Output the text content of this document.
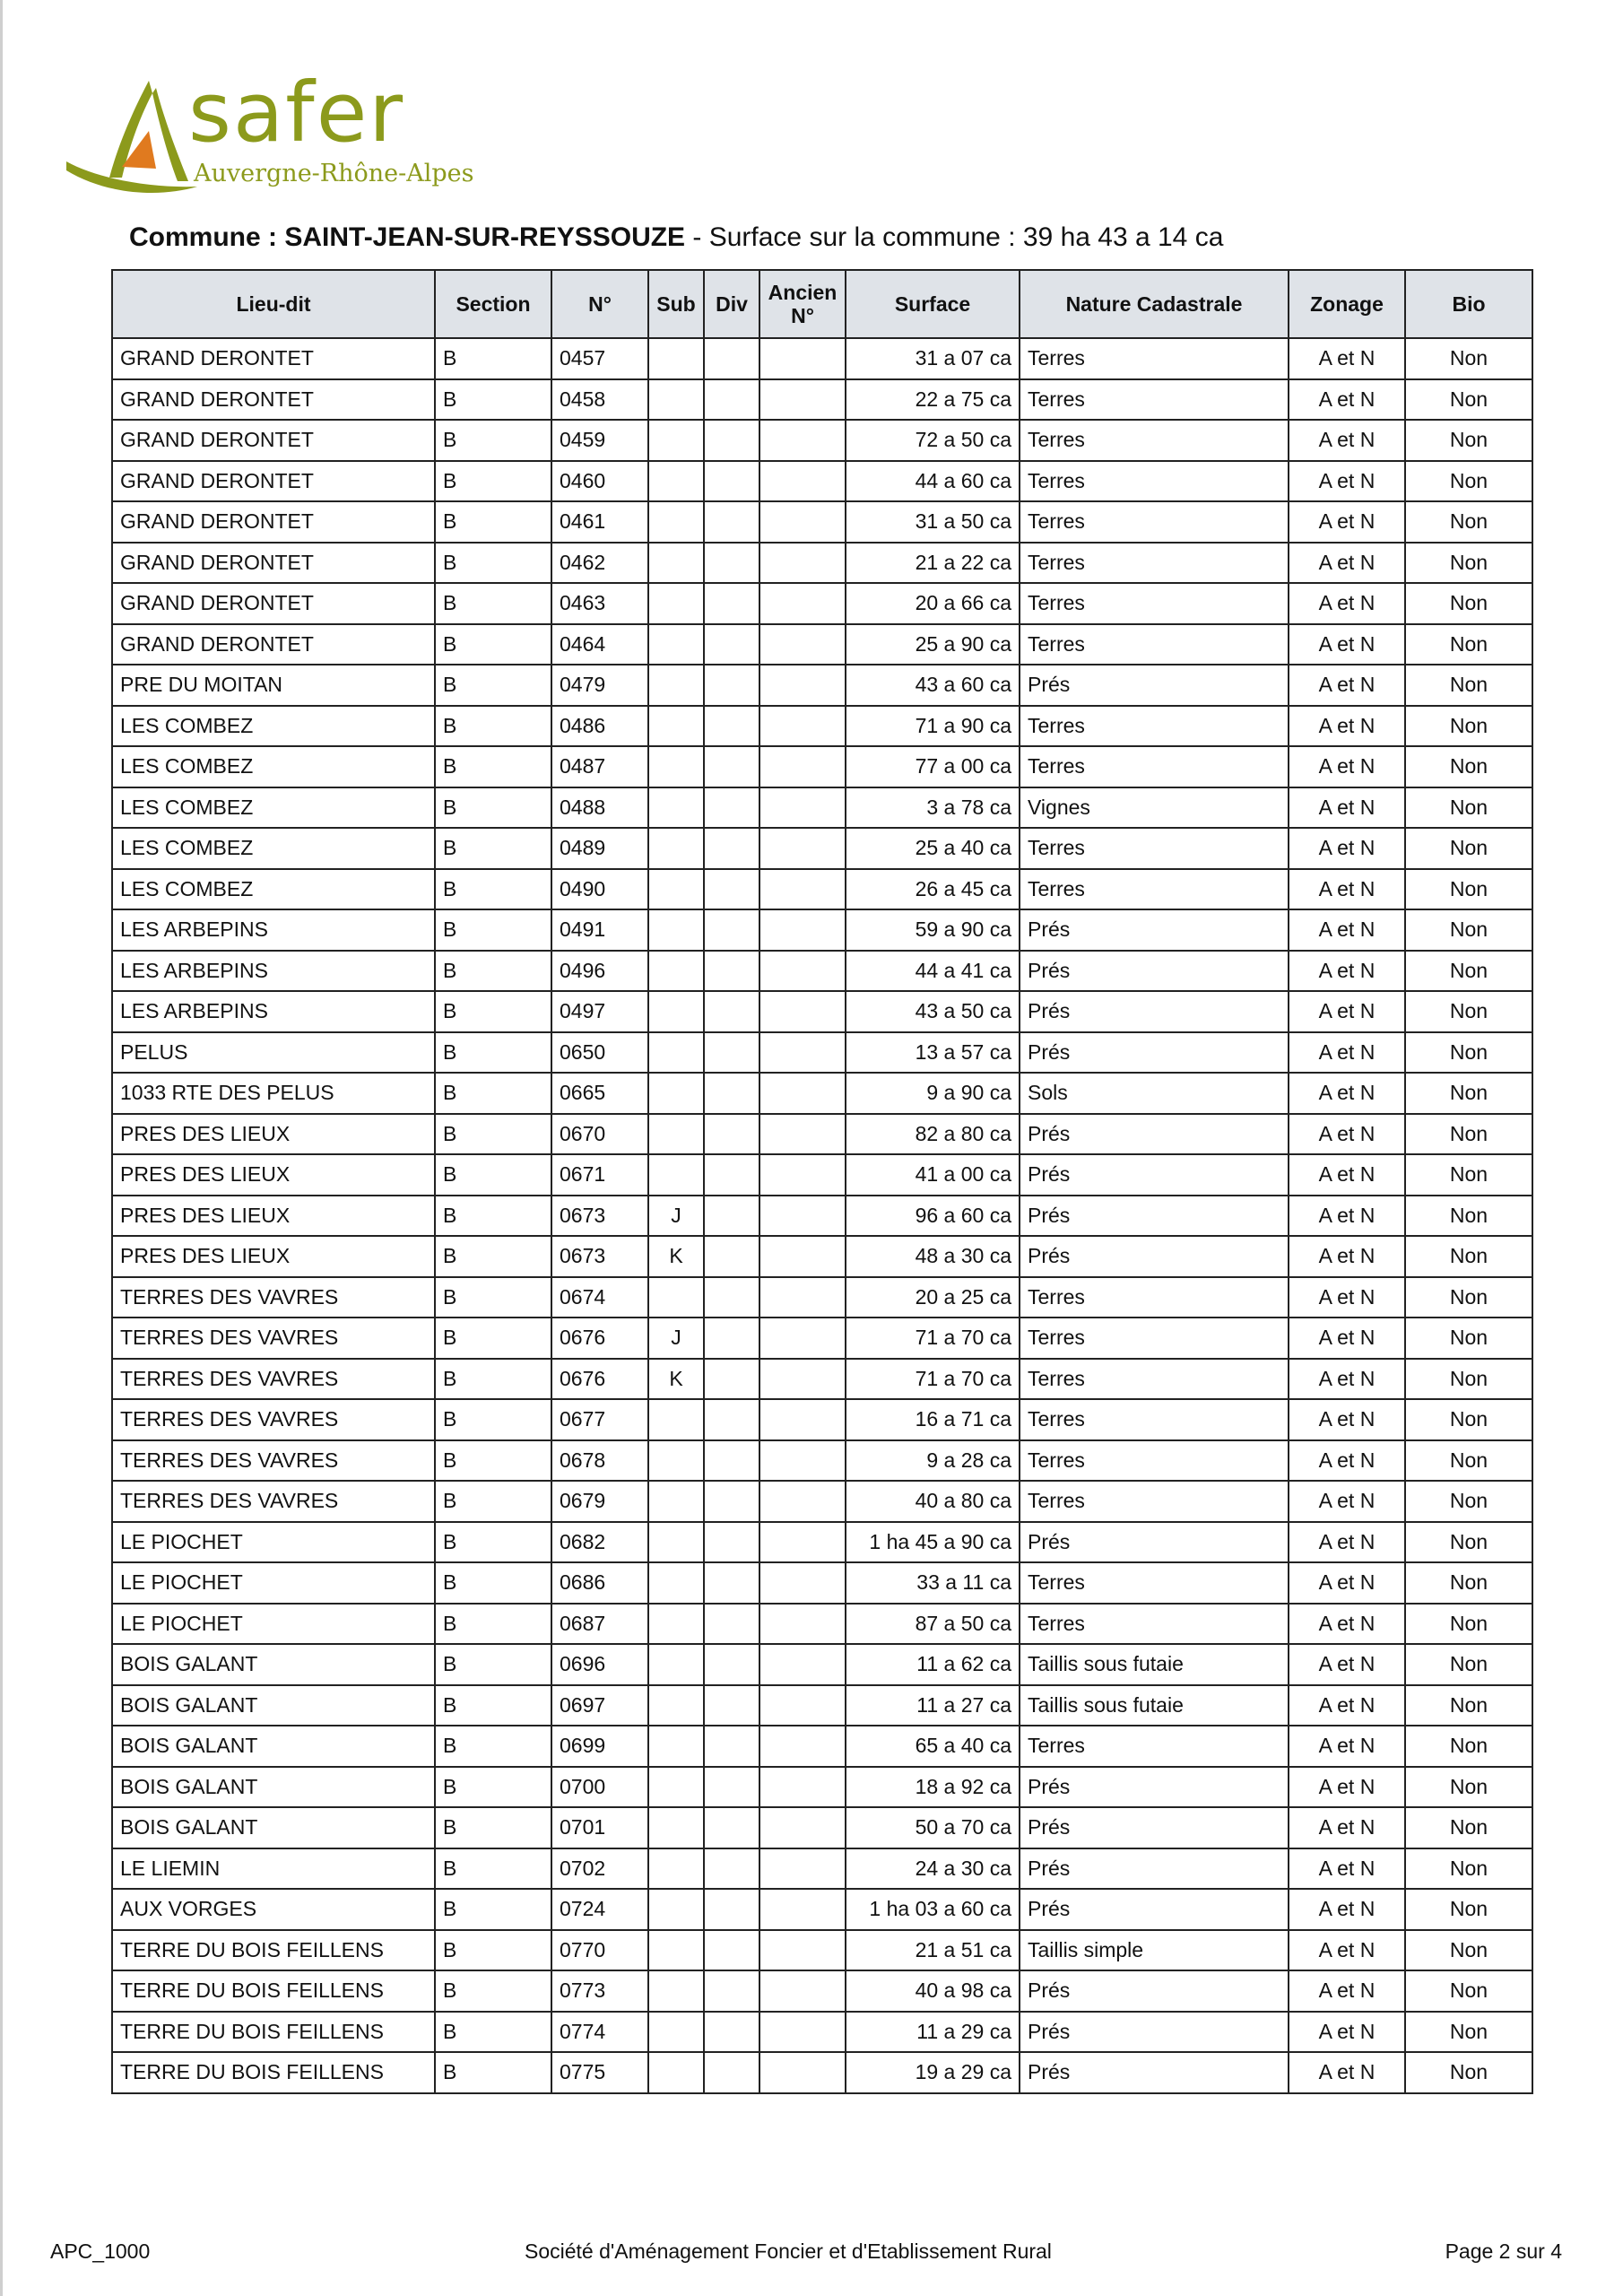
safer
Auvergne-Rhône-Alpes
Commune : SAINT-JEAN-SUR-REYSSOUZE - Surface sur la commune : 39 ha 43 a 14 ca
Lieu-dit	Section	N°	Sub	Div	Ancien N°	Surface	Nature Cadastrale	Zonage	Bio
GRAND DERONTET	B	0457				31 a 07 ca	Terres	A et N	Non
GRAND DERONTET	B	0458				22 a 75 ca	Terres	A et N	Non
GRAND DERONTET	B	0459				72 a 50 ca	Terres	A et N	Non
GRAND DERONTET	B	0460				44 a 60 ca	Terres	A et N	Non
GRAND DERONTET	B	0461				31 a 50 ca	Terres	A et N	Non
GRAND DERONTET	B	0462				21 a 22 ca	Terres	A et N	Non
GRAND DERONTET	B	0463				20 a 66 ca	Terres	A et N	Non
GRAND DERONTET	B	0464				25 a 90 ca	Terres	A et N	Non
PRE DU MOITAN	B	0479				43 a 60 ca	Prés	A et N	Non
LES COMBEZ	B	0486				71 a 90 ca	Terres	A et N	Non
LES COMBEZ	B	0487				77 a 00 ca	Terres	A et N	Non
LES COMBEZ	B	0488				3 a 78 ca	Vignes	A et N	Non
LES COMBEZ	B	0489				25 a 40 ca	Terres	A et N	Non
LES COMBEZ	B	0490				26 a 45 ca	Terres	A et N	Non
LES ARBEPINS	B	0491				59 a 90 ca	Prés	A et N	Non
LES ARBEPINS	B	0496				44 a 41 ca	Prés	A et N	Non
LES ARBEPINS	B	0497				43 a 50 ca	Prés	A et N	Non
PELUS	B	0650				13 a 57 ca	Prés	A et N	Non
1033 RTE DES PELUS	B	0665				9 a 90 ca	Sols	A et N	Non
PRES DES LIEUX	B	0670				82 a 80 ca	Prés	A et N	Non
PRES DES LIEUX	B	0671				41 a 00 ca	Prés	A et N	Non
PRES DES LIEUX	B	0673	J			96 a 60 ca	Prés	A et N	Non
PRES DES LIEUX	B	0673	K			48 a 30 ca	Prés	A et N	Non
TERRES DES VAVRES	B	0674				20 a 25 ca	Terres	A et N	Non
TERRES DES VAVRES	B	0676	J			71 a 70 ca	Terres	A et N	Non
TERRES DES VAVRES	B	0676	K			71 a 70 ca	Terres	A et N	Non
TERRES DES VAVRES	B	0677				16 a 71 ca	Terres	A et N	Non
TERRES DES VAVRES	B	0678				9 a 28 ca	Terres	A et N	Non
TERRES DES VAVRES	B	0679				40 a 80 ca	Terres	A et N	Non
LE PIOCHET	B	0682				1 ha 45 a 90 ca	Prés	A et N	Non
LE PIOCHET	B	0686				33 a 11 ca	Terres	A et N	Non
LE PIOCHET	B	0687				87 a 50 ca	Terres	A et N	Non
BOIS GALANT	B	0696				11 a 62 ca	Taillis sous futaie	A et N	Non
BOIS GALANT	B	0697				11 a 27 ca	Taillis sous futaie	A et N	Non
BOIS GALANT	B	0699				65 a 40 ca	Terres	A et N	Non
BOIS GALANT	B	0700				18 a 92 ca	Prés	A et N	Non
BOIS GALANT	B	0701				50 a 70 ca	Prés	A et N	Non
LE LIEMIN	B	0702				24 a 30 ca	Prés	A et N	Non
AUX VORGES	B	0724				1 ha 03 a 60 ca	Prés	A et N	Non
TERRE DU BOIS FEILLENS	B	0770				21 a 51 ca	Taillis simple	A et N	Non
TERRE DU BOIS FEILLENS	B	0773				40 a 98 ca	Prés	A et N	Non
TERRE DU BOIS FEILLENS	B	0774				11 a 29 ca	Prés	A et N	Non
TERRE DU BOIS FEILLENS	B	0775				19 a 29 ca	Prés	A et N	Non
APC_1000	Société d'Aménagement Foncier et d'Etablissement Rural	Page 2 sur 4
